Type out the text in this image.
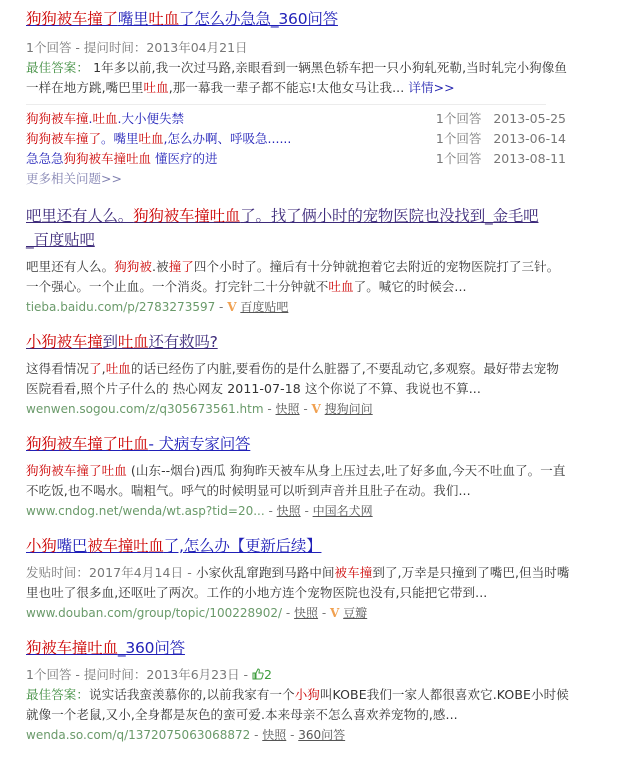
狗狗被车撞了嘴里吐血了怎么办急急_360问答
1个回答 - 提问时间：2013年04月21日
最佳答案： 1年多以前,我一次过马路,亲眼看到一辆黑色轿车把一只小狗轧死勒,当时轧完小狗像鱼一样在地方跳,嘴巴里吐血,那一幕我一辈子都不能忘!太他女马让我... 详情>>
狗狗被车撞.吐血.大小便失禁	1个回答 2013-05-25
狗狗被车撞了。嘴里吐血,怎么办啊、呼吸急......	1个回答 2013-06-14
急急急狗狗被车撞吐血 懂医疗的进	1个回答 2013-08-11
更多相关问题>>
吧里还有人么。狗狗被车撞吐血了。找了俩小时的宠物医院也没找到_金毛吧
_百度贴吧
吧里还有人么。狗狗被.被撞了四个小时了。撞后有十分钟就抱着它去附近的宠物医院打了三针。一个强心。一个止血。一个消炎。打完针二十分钟就不吐血了。喊它的时候会...
tieba.baidu.com/p/2783273597 - V 百度贴吧
小狗被车撞到吐血还有救吗?
这得看情况了,吐血的话已经伤了内脏,要看伤的是什么脏器了,不要乱动它,多观察。最好带去宠物医院看看,照个片子什么的 热心网友 2011-07-18 这个你说了不算、我说也不算...
wenwen.sogou.com/z/q305673561.htm - 快照 - V 搜狗问问
狗狗被车撞了吐血- 犬病专家问答
狗狗被车撞了吐血 (山东--烟台)西瓜 狗狗昨天被车从身上压过去,吐了好多血,今天不吐血了。一直不吃饭,也不喝水。喘粗气。呼气的时候明显可以听到声音并且肚子在动。我们...
www.cndog.net/wenda/wt.asp?tid=20... - 快照 - 中国名犬网
小狗嘴巴被车撞吐血了,怎么办【更新后续】
发贴时间：2017年4月14日 - 小家伙乱窜跑到马路中间被车撞到了,万幸是只撞到了嘴巴,但当时嘴里也吐了很多血,还呕吐了两次。工作的小地方连个宠物医院也没有,只能把它带到...
www.douban.com/group/topic/100228902/ - 快照 - V 豆瓣
狗被车撞吐血_360问答
1个回答 - 提问时间：2013年6月23日 - 2
最佳答案：说实话我蛮羡慕你的,以前我家有一个小狗叫KOBE我们一家人都很喜欢它.KOBE小时候就像一个老鼠,又小,全身都是灰色的蛮可爱.本来母亲不怎么喜欢养宠物的,感...
wenda.so.com/q/1372075063068872 - 快照 - 360问答
